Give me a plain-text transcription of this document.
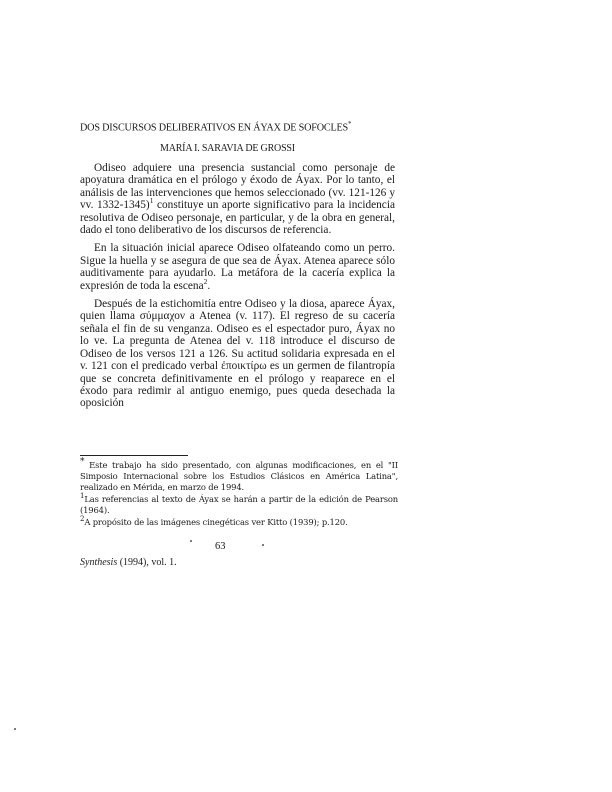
DOS DISCURSOS DELIBERATIVOS EN ÁYAX DE SOFOCLES*
MARÍA I. SARAVIA DE GROSSI

Odiseo adquiere una presencia sustancial como personaje de apoyatura dramática en el prólogo y éxodo de Áyax. Por lo tanto, el análisis de las intervenciones que hemos seleccionado (vv. 121-126 y vv. 1332-1345)$^1$ constituye un aporte significativo para la incidencia resolutiva de Odiseo personaje, en particular, y de la obra en general, dado el tono deliberativo de los discursos de referencia.

En la situación inicial aparece Odiseo olfateando como un perro. Sigue la huella y se asegura de que sea de Áyax. Atenea aparece sólo auditivamente para ayudarlo. La metáfora de la cacería explica la expresión de toda la escena$^2$.

Después de la estichomitía entre Odiseo y la diosa, aparece Áyax, quien llama σύμμαχον a Atenea (v. 117). El regreso de su cacería señala el fin de su venganza. Odiseo es el espectador puro, Áyax no lo ve. La pregunta de Atenea del v. 118 introduce el discurso de Odiseo de los versos 121 a 126. Su actitud solidaria expresada en el v. 121 con el predicado verbal ἐποικτίρω es un germen de filantropía que se concreta definitivamente en el prólogo y reaparece en el éxodo para redimir al antiguo enemigo, pues queda desechada la oposición

* Este trabajo ha sido presentado, con algunas modificaciones, en el "II Simposio Internacional sobre los Estudios Clásicos en América Latina", realizado en Mérida, en marzo de 1994.

$^1$Las referencias al texto de Áyax se harán a partir de la edición de Pearson (1964).

$^2$A propósito de las imágenes cinegéticas ver Kitto (1939); p.120.

63
Synthesis (1994), vol. 1.
